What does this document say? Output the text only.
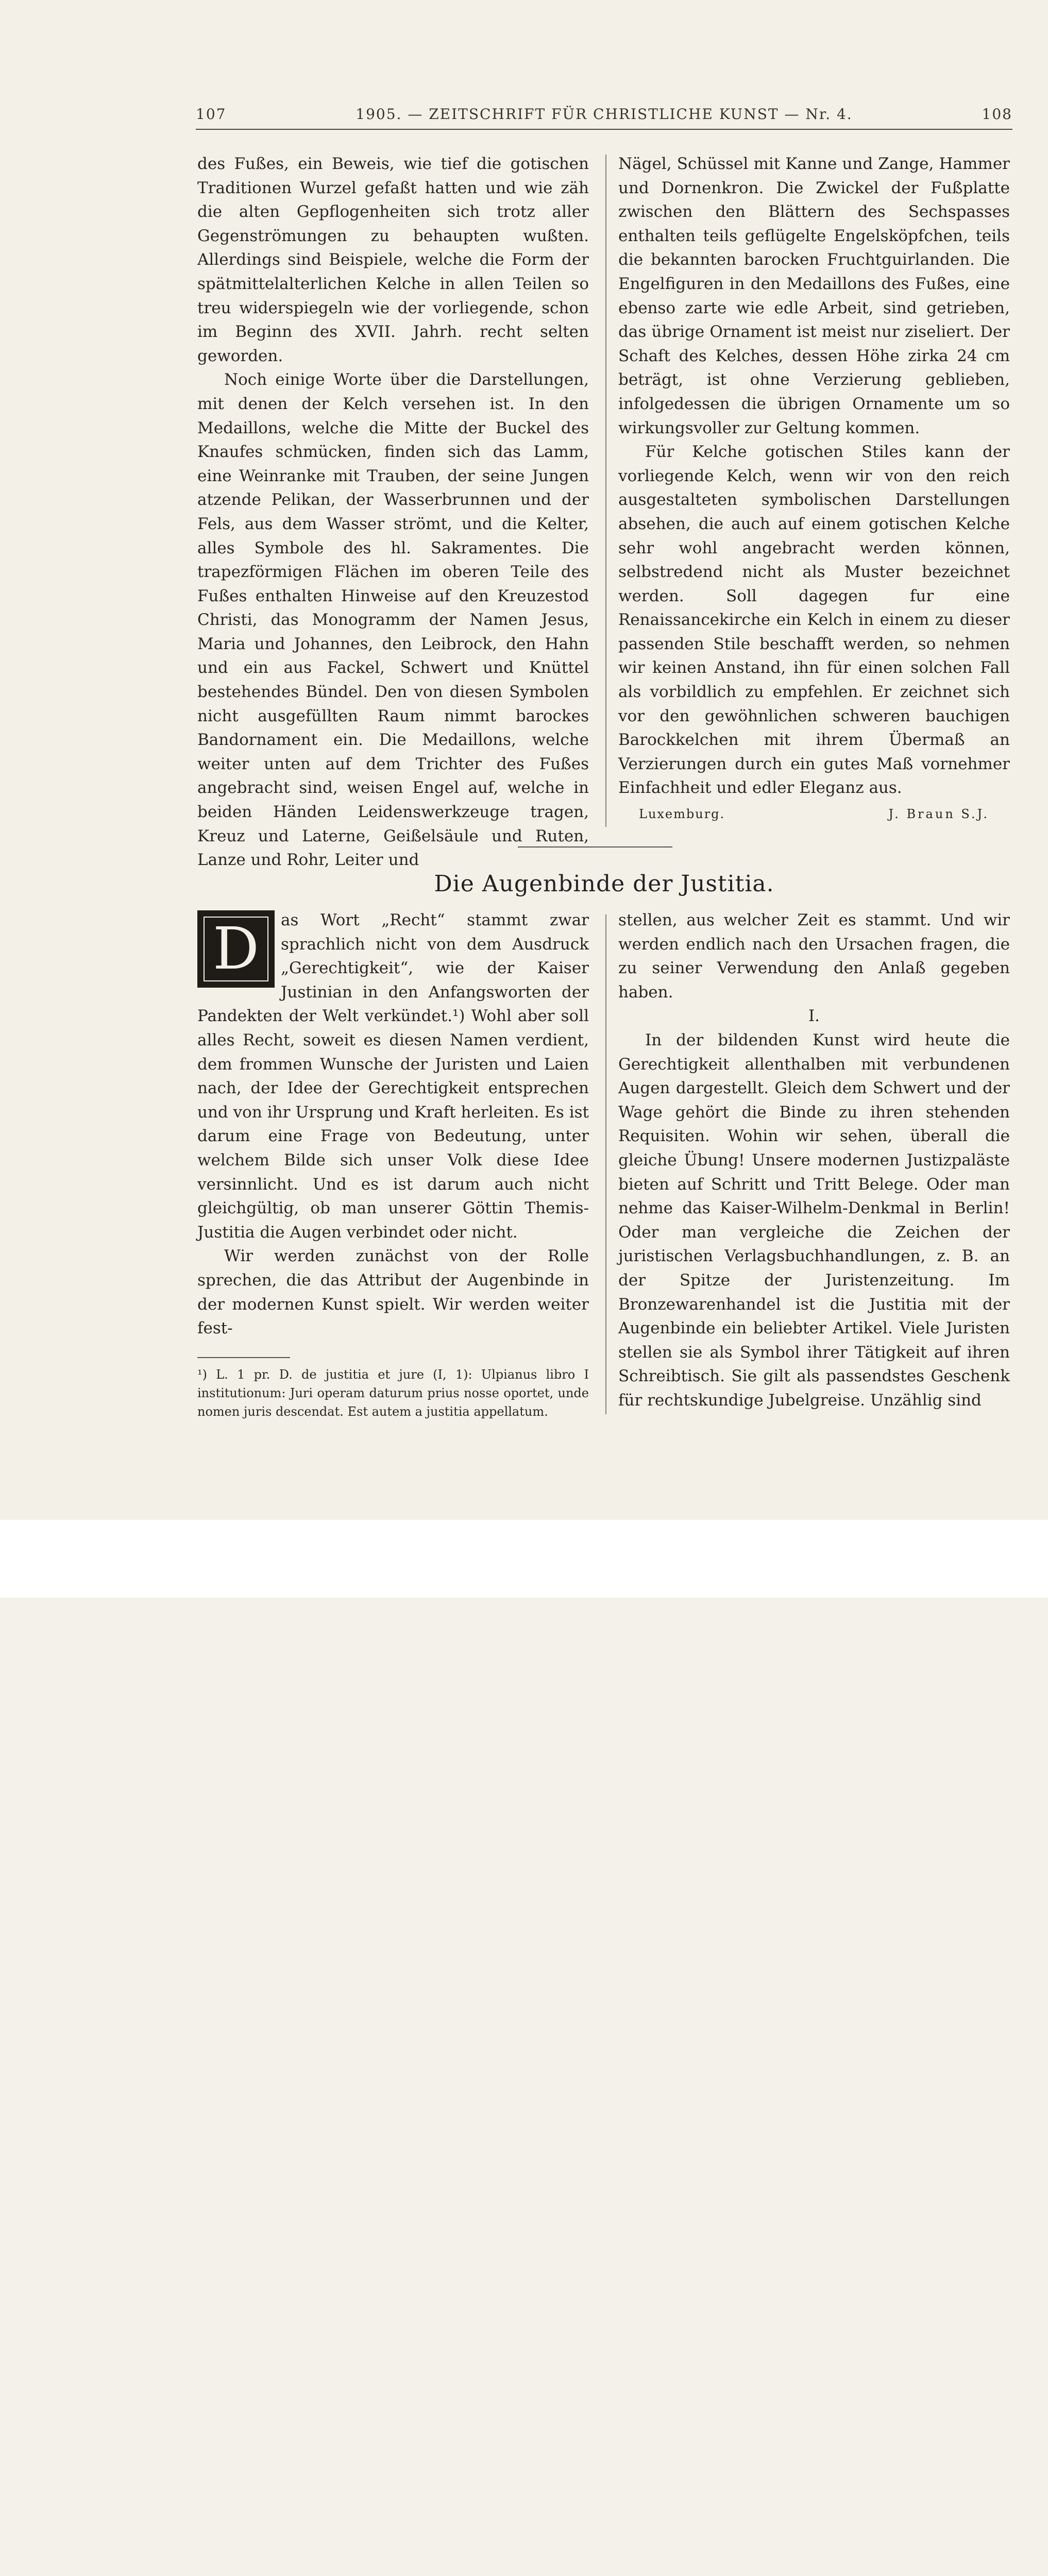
107	1905. — ZEITSCHRIFT FÜR CHRISTLICHE KUNST — Nr. 4.	108

des Fußes, ein Beweis, wie tief die gotischen Traditionen Wurzel gefaßt hatten und wie zäh die alten Gepflogenheiten sich trotz aller Gegenströmungen zu behaupten wußten. Allerdings sind Beispiele, welche die Form der spätmittelalterlichen Kelche in allen Teilen so treu widerspiegeln wie der vorliegende, schon im Beginn des XVII. Jahrh. recht selten geworden.

Noch einige Worte über die Darstellungen, mit denen der Kelch versehen ist. In den Medaillons, welche die Mitte der Buckel des Knaufes schmücken, finden sich das Lamm, eine Weinranke mit Trauben, der seine Jungen atzende Pelikan, der Wasserbrunnen und der Fels, aus dem Wasser strömt, und die Kelter, alles Symbole des hl. Sakramentes. Die trapezförmigen Flächen im oberen Teile des Fußes enthalten Hinweise auf den Kreuzestod Christi, das Monogramm der Namen Jesus, Maria und Johannes, den Leibrock, den Hahn und ein aus Fackel, Schwert und Knüttel bestehendes Bündel. Den von diesen Symbolen nicht ausgefüllten Raum nimmt barockes Bandornament ein. Die Medaillons, welche weiter unten auf dem Trichter des Fußes angebracht sind, weisen Engel auf, welche in beiden Händen Leidenswerkzeuge tragen, Kreuz und Laterne, Geißelsäule und Ruten, Lanze und Rohr, Leiter und

Nägel, Schüssel mit Kanne und Zange, Hammer und Dornenkron. Die Zwickel der Fußplatte zwischen den Blättern des Sechspasses enthalten teils geflügelte Engelsköpfchen, teils die bekannten barocken Fruchtguirlanden. Die Engelfiguren in den Medaillons des Fußes, eine ebenso zarte wie edle Arbeit, sind getrieben, das übrige Ornament ist meist nur ziseliert. Der Schaft des Kelches, dessen Höhe zirka 24 cm beträgt, ist ohne Verzierung geblieben, infolgedessen die übrigen Ornamente um so wirkungsvoller zur Geltung kommen.

Für Kelche gotischen Stiles kann der vorliegende Kelch, wenn wir von den reich ausgestalteten symbolischen Darstellungen absehen, die auch auf einem gotischen Kelche sehr wohl angebracht werden können, selbstredend nicht als Muster bezeichnet werden. Soll dagegen fur eine Renaissancekirche ein Kelch in einem zu dieser passenden Stile beschafft werden, so nehmen wir keinen Anstand, ihn für einen solchen Fall als vorbildlich zu empfehlen. Er zeichnet sich vor den gewöhnlichen schweren bauchigen Barockkelchen mit ihrem Übermaß an Verzierungen durch ein gutes Maß vornehmer Einfachheit und edler Eleganz aus.

Luxemburg.	J. Braun S.J.
Die Augenbinde der Justitia.
D	as Wort „Recht“ stammt zwar sprachlich nicht von dem Ausdruck „Gerechtigkeit“, wie der Kaiser Justinian in den Anfangsworten der Pandekten der Welt verkündet.¹) Wohl aber soll alles Recht, soweit es diesen Namen verdient, dem frommen Wunsche der Juristen und Laien nach, der Idee der Gerechtigkeit entsprechen und von ihr Ursprung und Kraft herleiten. Es ist darum eine Frage von Bedeutung, unter welchem Bilde sich unser Volk diese Idee versinnlicht. Und es ist darum auch nicht gleichgültig, ob man unserer Göttin Themis-Justitia die Augen verbindet oder nicht.

Wir werden zunächst von der Rolle sprechen, die das Attribut der Augenbinde in der modernen Kunst spielt. Wir werden weiter fest-

¹) L. 1 pr. D. de justitia et jure (I, 1): Ulpianus libro I institutionum: Juri operam daturum prius nosse oportet, unde nomen juris descendat. Est autem a justitia appellatum.

stellen, aus welcher Zeit es stammt. Und wir werden endlich nach den Ursachen fragen, die zu seiner Verwendung den Anlaß gegeben haben.

I.

In der bildenden Kunst wird heute die Gerechtigkeit allenthalben mit verbundenen Augen dargestellt. Gleich dem Schwert und der Wage gehört die Binde zu ihren stehenden Requisiten. Wohin wir sehen, überall die gleiche Übung! Unsere modernen Justizpaläste bieten auf Schritt und Tritt Belege. Oder man nehme das Kaiser-Wilhelm-Denkmal in Berlin! Oder man vergleiche die Zeichen der juristischen Verlagsbuchhandlungen, z. B. an der Spitze der Juristenzeitung. Im Bronzewarenhandel ist die Justitia mit der Augenbinde ein beliebter Artikel. Viele Juristen stellen sie als Symbol ihrer Tätigkeit auf ihren Schreibtisch. Sie gilt als passendstes Geschenk für rechtskundige Jubelgreise. Unzählig sind
